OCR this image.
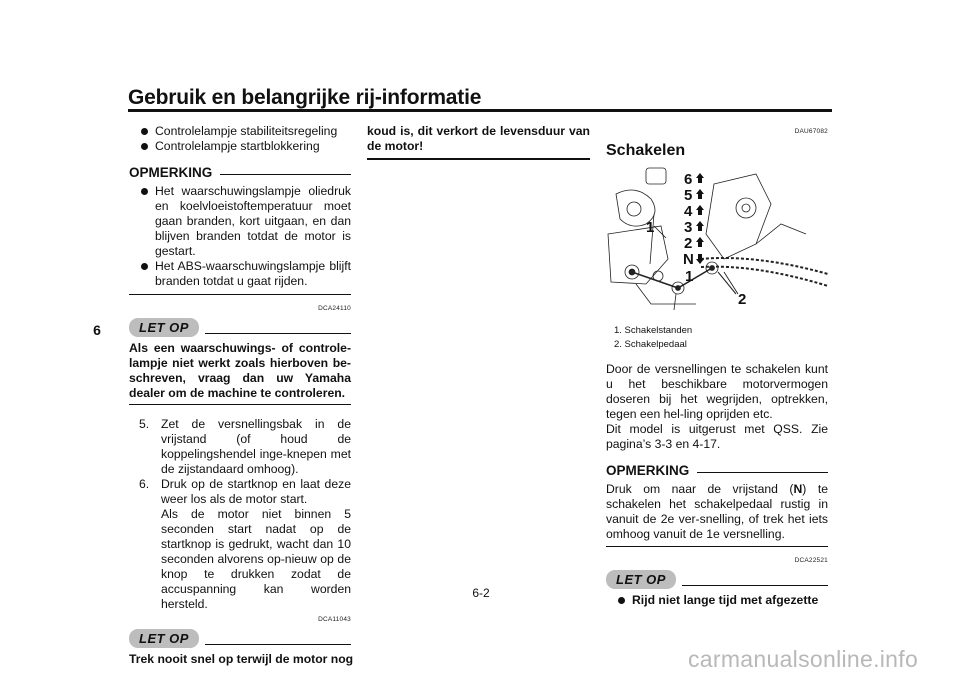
Gebruik en belangrijke rij-informatie
6

Controlelampje stabiliteitsregeling

Controlelampje startblokkering

OPMERKING

Het waarschuwingslampje oliedruk en koelvloeistoftemperatuur moet gaan branden, kort uitgaan, en dan blijven branden totdat de motor is gestart.

Het ABS-waarschuwingslampje blijft branden totdat u gaat rijden.

DCA24110
LET OP
Als een waarschuwings- of controle-lampje niet werkt zoals hierboven be-schreven, vraag dan uw Yamaha dealer om de machine te controleren.

5. Zet de versnellingsbak in de vrijstand (of houd de koppelingshendel inge-knepen met de zijstandaard omhoog).

6. Druk op de startknop en laat deze weer los als de motor start.

Als de motor niet binnen 5 seconden start nadat op de startknop is gedrukt, wacht dan 10 seconden alvorens op-nieuw op de knop te drukken zodat de accuspanning kan worden hersteld.

DCA11043
LET OP
Trek nooit snel op terwijl de motor nog
koud is, dit verkort de levensduur van de motor!
DAU67082
Schakelen
6
5
4
3
2
N
1
1
2
1. Schakelstanden
2. Schakelpedaal
Door de versnellingen te schakelen kunt u het beschikbare motorvermogen doseren bij het wegrijden, optrekken, tegen een hel-ling oprijden etc.
Dit model is uitgerust met QSS. Zie pagina’s 3-3 en 4-17.
OPMERKING
Druk om naar de vrijstand (N) te schakelen het schakelpedaal rustig in vanuit de 2e ver-snelling, of trek het iets omhoog vanuit de 1e versnelling.
DCA22521
LET OP

Rijd niet lange tijd met afgezette

6-2
carmanualsonline.info
